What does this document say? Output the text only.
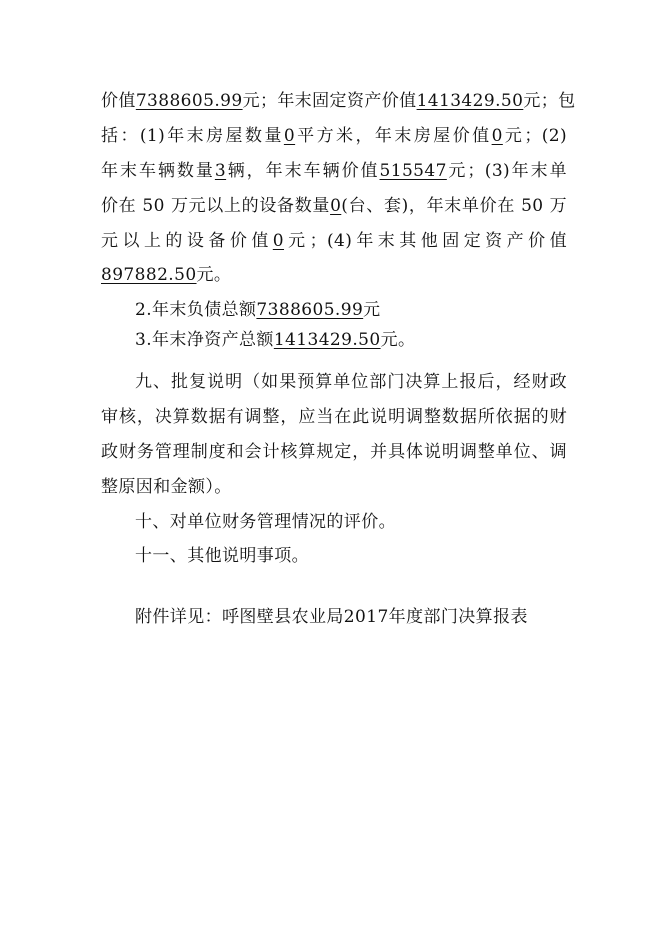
价值7388605.99元；年末固定资产价值1413429.50元；包
括：(1)年末房屋数量0平方米，年末房屋价值0元；(2)
年末车辆数量3辆，年末车辆价值515547元；(3)年末单
价在 50 万元以上的设备数量0(台、套)，年末单价在 50 万
元以上的设备价值0元；(4)年末其他固定资产价值
897882.50元。
2.年末负债总额7388605.99元
3.年末净资产总额1413429.50元。
九、批复说明（如果预算单位部门决算上报后，经财政
审核，决算数据有调整，应当在此说明调整数据所依据的财
政财务管理制度和会计核算规定，并具体说明调整单位、调
整原因和金额）。
十、对单位财务管理情况的评价。
十一、其他说明事项。
附件详见：呼图壁县农业局2017年度部门决算报表
